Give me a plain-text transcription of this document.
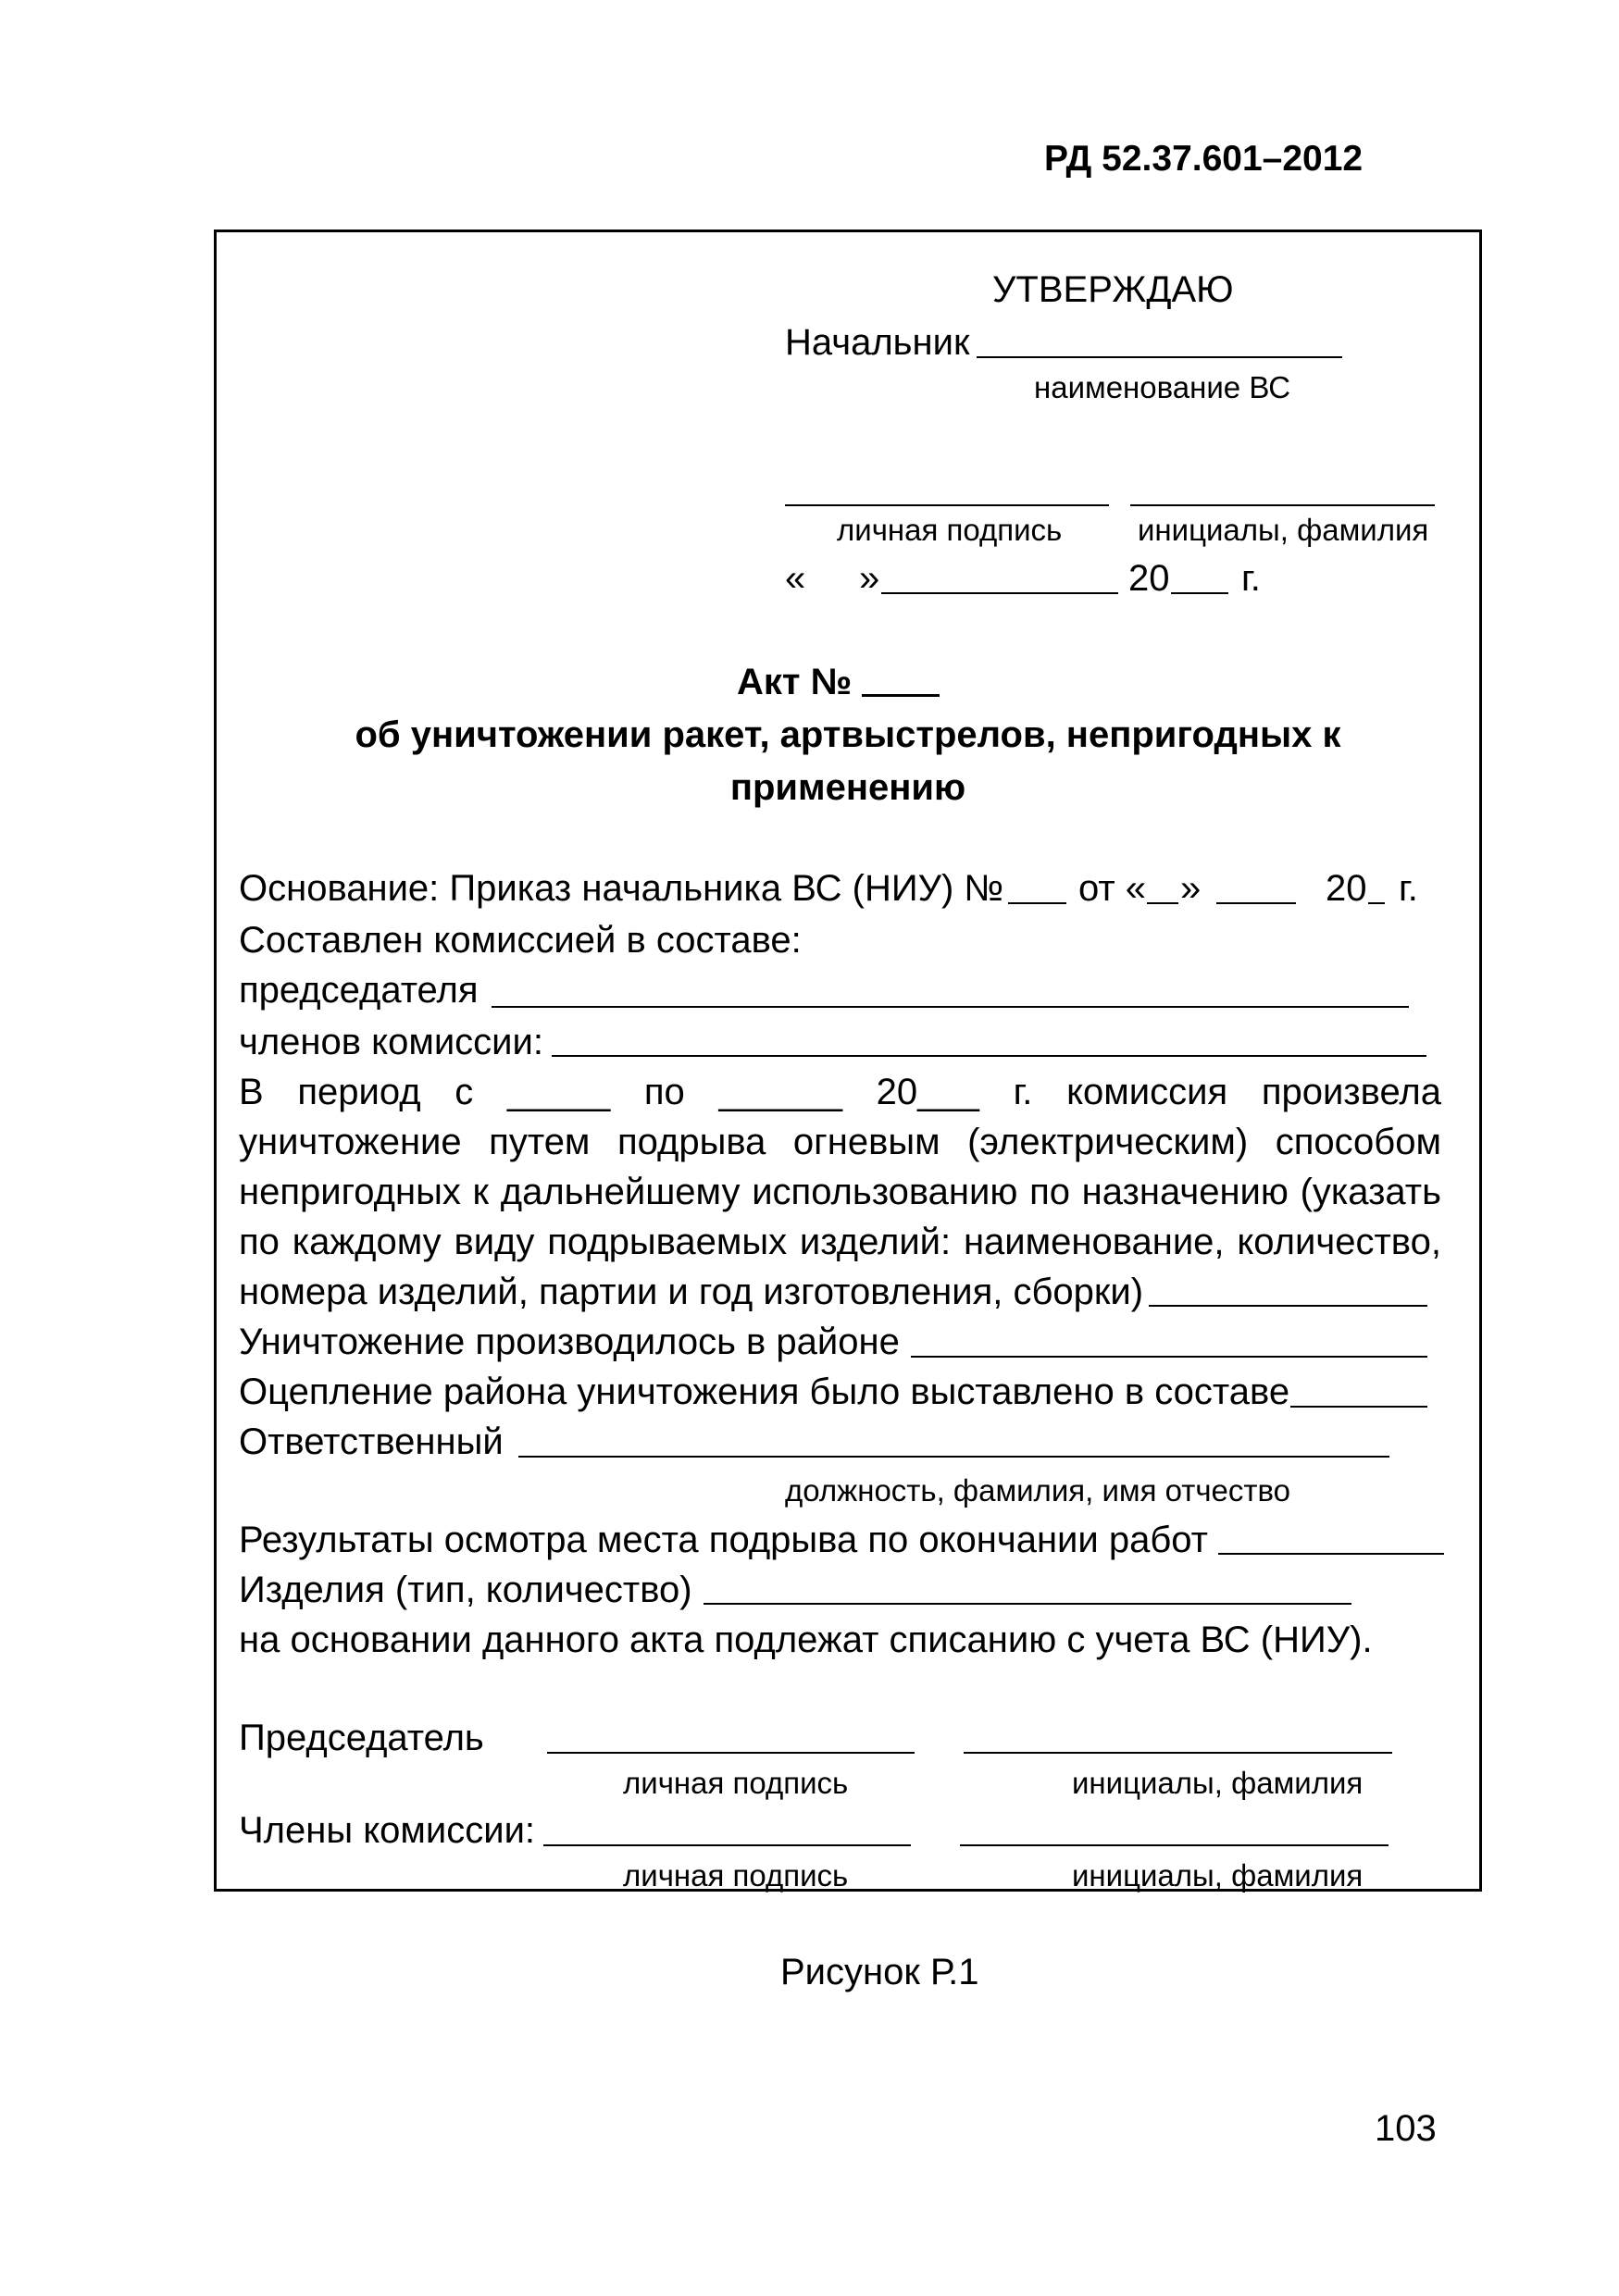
РД 52.37.601–2012
УТВЕРЖДАЮ
Начальник
наименование ВС
личная подпись инициалы, фамилия
« »	20 г.
Акт №
об уничтожении ракет, артвыстрелов, непригодных к
применению
Основание: Приказ начальника ВС (НИУ) № от « »	20 г.
Составлен комиссией в составе:
председателя
членов комиссии:
В период с _____ по ______ 20___ г. комиссия произвела
уничтожение путем подрыва огневым (электрическим) способом
непригодных к дальнейшему использованию по назначению (указать
по каждому виду подрываемых изделий: наименование, количество,
номера изделий, партии и год изготовления, сборки)
Уничтожение производилось в районе
Оцепление района уничтожения было выставлено в составе
Ответственный
должность, фамилия, имя отчество
Результаты осмотра места подрыва по окончании работ
Изделия (тип, количество)
на основании данного акта подлежат списанию с учета ВС (НИУ).
Председатель
личная подпись	инициалы, фамилия
Члены комиссии:
личная подпись	инициалы, фамилия
Рисунок Р.1
103
